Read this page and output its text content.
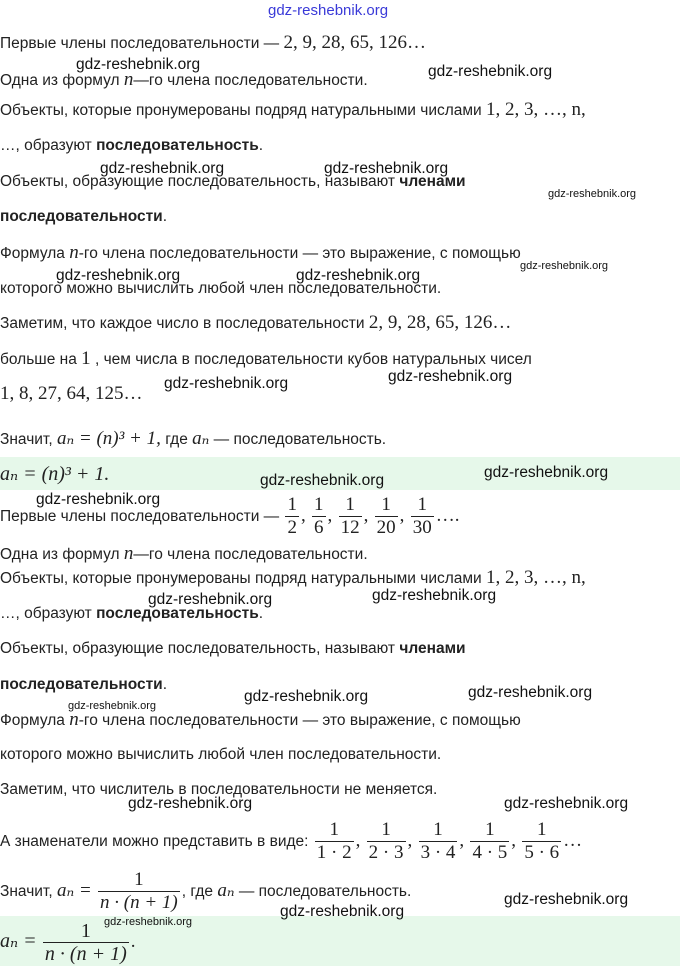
Первые члены последовательности — 2, 9, 28, 65, 126…
Одна из формул n—го члена последовательности.
Объекты, которые пронумерованы подряд натуральными числами 1, 2, 3, …, n,
…, образуют последовательность.
Объекты, образующие последовательность, называют членами
последовательности.
Формула n-го члена последовательности — это выражение, с помощью
которого можно вычислить любой член последовательности.
Заметим, что каждое число в последовательности 2, 9, 28, 65, 126…
больше на 1 , чем числа в последовательности кубов натуральных чисел
1, 8, 27, 64, 125…
Значит, aₙ = (n)³ + 1, где aₙ — последовательность.
aₙ = (n)³ + 1.
Первые члены последовательности — $\frac{1}{2}$ , $\frac{1}{6}$ , $\frac{1}{12}$ , $\frac{1}{20}$ , $\frac{1}{30}$ ….
Одна из формул n—го члена последовательности.
Объекты, которые пронумерованы подряд натуральными числами 1, 2, 3, …, n,
…, образуют последовательность.
Объекты, образующие последовательность, называют членами
последовательности.
Формула n-го члена последовательности — это выражение, с помощью
которого можно вычислить любой член последовательности.
Заметим, что числитель в последовательности не меняется.
А знаменатели можно представить в виде: $\frac{1}{1 \cdot 2}$ , $\frac{1}{2 \cdot 3}$ , $\frac{1}{3 \cdot 4}$ , $\frac{1}{4 \cdot 5}$ , $\frac{1}{5 \cdot 6}$ …
Значит, $a_n = \frac{1}{n \cdot (n + 1)}$ , где aₙ — последовательность.
$a_n = \frac{1}{n \cdot (n + 1)}$ .
gdz-reshebnik.org
gdz-reshebnik.org	gdz-reshebnik.org
gdz-reshebnik.org	gdz-reshebnik.org
gdz-reshebnik.org
gdz-reshebnik.org	gdz-reshebnik.org
gdz-reshebnik.org
gdz-reshebnik.org	gdz-reshebnik.org
gdz-reshebnik.org	gdz-reshebnik.org
gdz-reshebnik.org
gdz-reshebnik.org	gdz-reshebnik.org
gdz-reshebnik.org	gdz-reshebnik.org
gdz-reshebnik.org
gdz-reshebnik.org	gdz-reshebnik.org
gdz-reshebnik.org
gdz-reshebnik.org
gdz-reshebnik.org
